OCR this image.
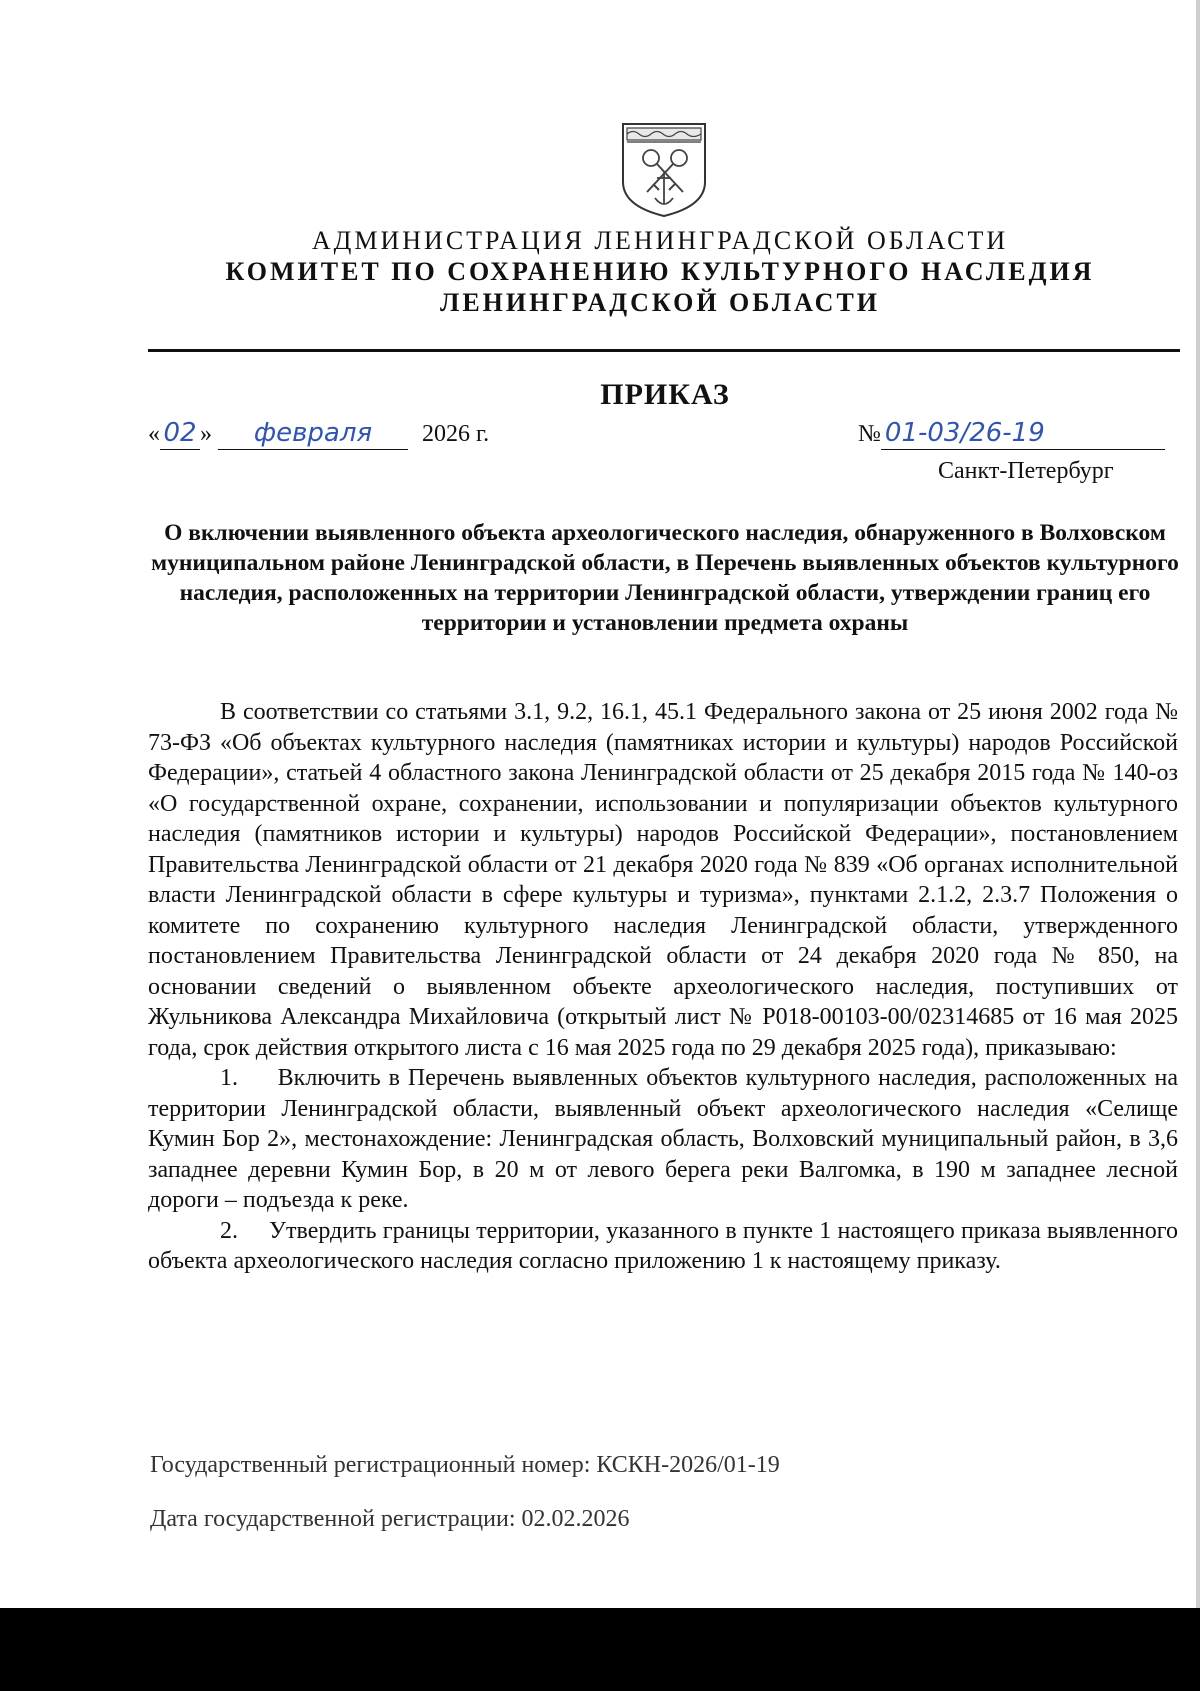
АДМИНИСТРАЦИЯ ЛЕНИНГРАДСКОЙ ОБЛАСТИ
КОМИТЕТ ПО СОХРАНЕНИЮ КУЛЬТУРНОГО НАСЛЕДИЯ
ЛЕНИНГРАДСКОЙ ОБЛАСТИ
ПРИКАЗ
« 02 » февраля 2026 г.	№ 01-03/26-19
Санкт-Петербург
О включении выявленного объекта археологического наследия, обнаруженного в Волховском муниципальном районе Ленинградской области, в Перечень выявленных объектов культурного наследия, расположенных на территории Ленинградской области, утверждении границ его территории и установлении предмета охраны

В соответствии со статьями 3.1, 9.2, 16.1, 45.1 Федерального закона от 25 июня 2002 года № 73-ФЗ «Об объектах культурного наследия (памятниках истории и культуры) народов Российской Федерации», статьей 4 областного закона Ленинградской области от 25 декабря 2015 года № 140-оз «О государственной охране, сохранении, использовании и популяризации объектов культурного наследия (памятников истории и культуры) народов Российской Федерации», постановлением Правительства Ленинградской области от 21 декабря 2020 года № 839 «Об органах исполнительной власти Ленинградской области в сфере культуры и туризма», пунктами 2.1.2, 2.3.7 Положения о комитете по сохранению культурного наследия Ленинградской области, утвержденного постановлением Правительства Ленинградской области от 24 декабря 2020 года № 850, на основании сведений о выявленном объекте археологического наследия, поступивших от Жульникова Александра Михайловича (открытый лист № Р018-00103-00/02314685 от 16 мая 2025 года, срок действия открытого листа с 16 мая 2025 года по 29 декабря 2025 года), приказываю:

1. Включить в Перечень выявленных объектов культурного наследия, расположенных на территории Ленинградской области, выявленный объект археологического наследия «Селище Кумин Бор 2», местонахождение: Ленинградская область, Волховский муниципальный район, в 3,6 западнее деревни Кумин Бор, в 20 м от левого берега реки Валгомка, в 190 м западнее лесной дороги – подъезда к реке.

2. Утвердить границы территории, указанного в пункте 1 настоящего приказа выявленного объекта археологического наследия согласно приложению 1 к настоящему приказу.

Государственный регистрационный номер: КСКН-2026/01-19
Дата государственной регистрации: 02.02.2026
